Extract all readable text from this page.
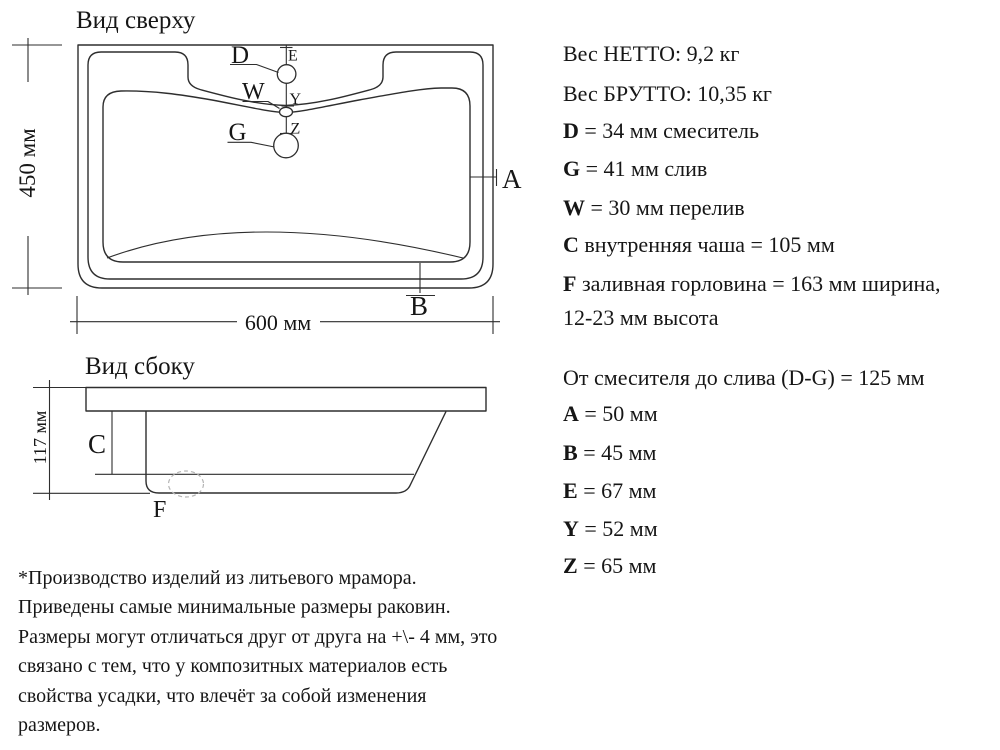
Вид сверху
Вид сбоку
450 мм
600 мм
A
B
D E
W Y
G	Z
117 мм C
F
Вес НЕТТО: 9,2 кг
Вес БРУТТО: 10,35 кг
D = 34 мм смеситель
G = 41 мм слив
W = 30 мм перелив
C внутренняя чаша = 105 мм
F заливная горловина = 163 мм ширина,
12-23 мм высота
От смесителя до слива (D-G) = 125 мм
A = 50 мм
B = 45 мм
E = 67 мм
Y = 52 мм
Z = 65 мм
*Производство изделий из литьевого мрамора.
Приведены самые минимальные размеры раковин.
Размеры могут отличаться друг от друга на +\- 4 мм, это
связано с тем, что у композитных материалов есть
свойства усадки, что влечёт за собой изменения
размеров.
